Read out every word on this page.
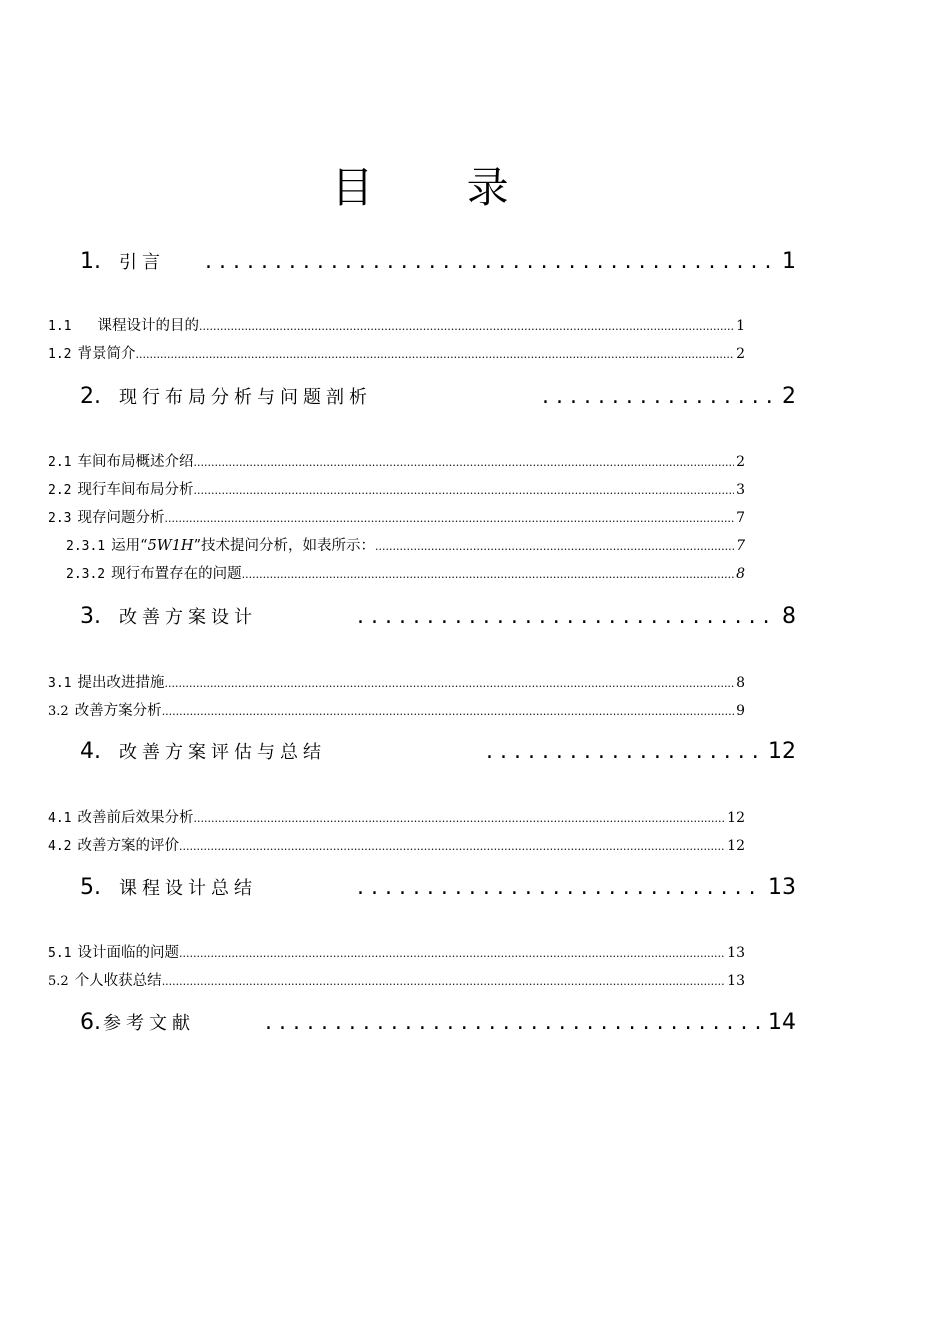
目 录
1. 引言 . . .	1
1.1 课程设计的目的 .....	1
1.2 背景简介 .....	2
2. 现行布局分析与问题剖析 . . .	2
2.1 车间布局概述介绍 .....	2
2.2 现行车间布局分析 .....	3
2.3 现存问题分析 .....	7
2.3.1 运用“5W1H”技术提问分析，如表所示： .....	7
2.3.2 现行布置存在的问题 .....	8
3. 改善方案设计 . . .	8
3.1 提出改进措施 .....	8
3.2 改善方案分析 .....	9
4. 改善方案评估与总结 . . .	12
4.1 改善前后效果分析 .....	12
4.2 改善方案的评价 .....	12
5. 课程设计总结 . . .	13
5.1 设计面临的问题 .....	13
5.2 个人收获总结 .....	13
6. 参考文献 . . .	14
